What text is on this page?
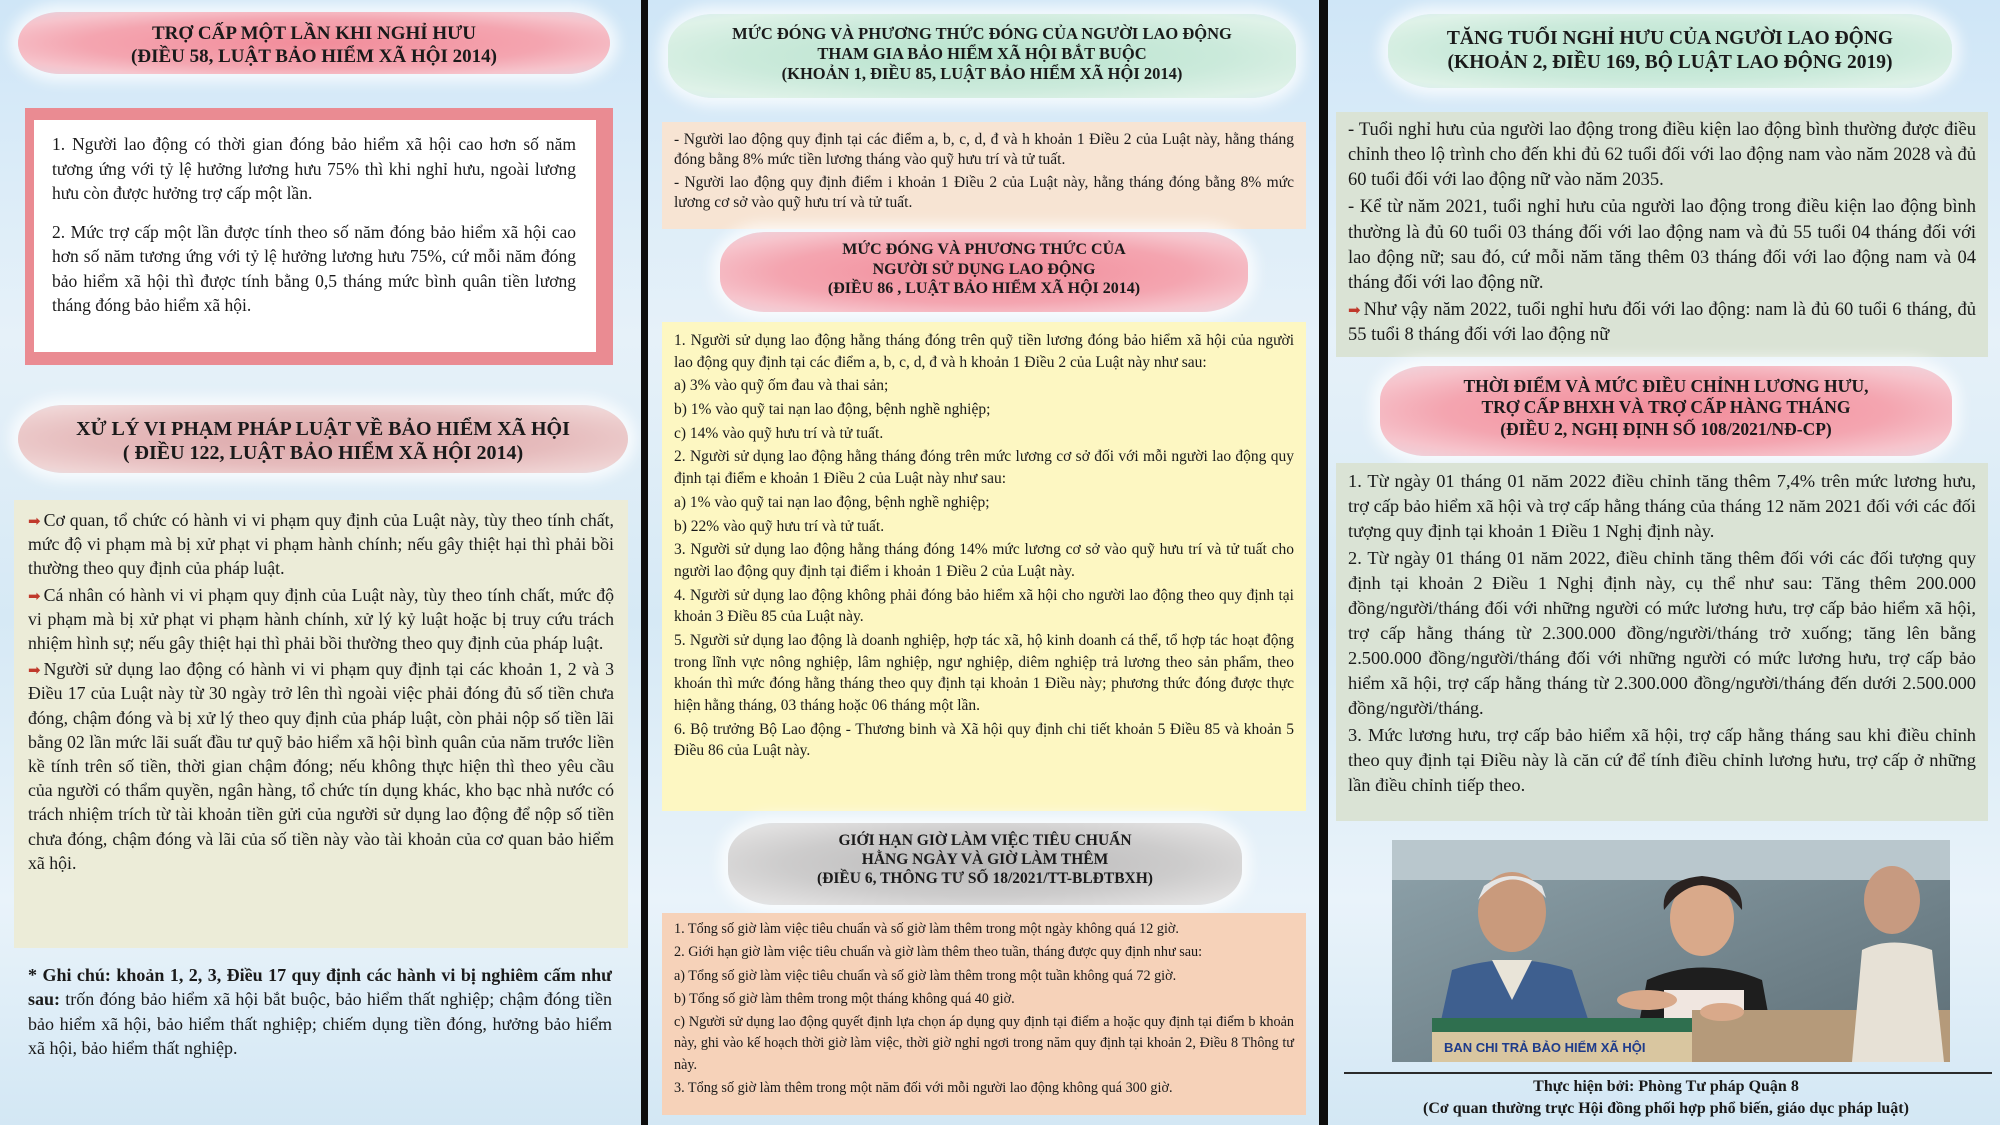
TRỢ CẤP MỘT LẦN KHI NGHỈ HƯU
(ĐIỀU 58, LUẬT BẢO HIỂM XÃ HỘI 2014)

1. Người lao động có thời gian đóng bảo hiểm xã hội cao hơn số năm tương ứng với tỷ lệ hưởng lương hưu 75% thì khi nghỉ hưu, ngoài lương hưu còn được hưởng trợ cấp một lần.

2. Mức trợ cấp một lần được tính theo số năm đóng bảo hiểm xã hội cao hơn số năm tương ứng với tỷ lệ hưởng lương hưu 75%, cứ mỗi năm đóng bảo hiểm xã hội thì được tính bằng 0,5 tháng mức bình quân tiền lương tháng đóng bảo hiểm xã hội.

XỬ LÝ VI PHẠM PHÁP LUẬT VỀ BẢO HIỂM XÃ HỘI
( ĐIỀU 122, LUẬT BẢO HIỂM XÃ HỘI 2014)

➡ Cơ quan, tổ chức có hành vi vi phạm quy định của Luật này, tùy theo tính chất, mức độ vi phạm mà bị xử phạt vi phạm hành chính; nếu gây thiệt hại thì phải bồi thường theo quy định của pháp luật.

➡ Cá nhân có hành vi vi phạm quy định của Luật này, tùy theo tính chất, mức độ vi phạm mà bị xử phạt vi phạm hành chính, xử lý kỷ luật hoặc bị truy cứu trách nhiệm hình sự; nếu gây thiệt hại thì phải bồi thường theo quy định của pháp luật.

➡ Người sử dụng lao động có hành vi vi phạm quy định tại các khoản 1, 2 và 3 Điều 17 của Luật này từ 30 ngày trở lên thì ngoài việc phải đóng đủ số tiền chưa đóng, chậm đóng và bị xử lý theo quy định của pháp luật, còn phải nộp số tiền lãi bằng 02 lần mức lãi suất đầu tư quỹ bảo hiểm xã hội bình quân của năm trước liền kề tính trên số tiền, thời gian chậm đóng; nếu không thực hiện thì theo yêu cầu của người có thẩm quyền, ngân hàng, tổ chức tín dụng khác, kho bạc nhà nước có trách nhiệm trích từ tài khoản tiền gửi của người sử dụng lao động để nộp số tiền chưa đóng, chậm đóng và lãi của số tiền này vào tài khoản của cơ quan bảo hiểm xã hội.

* Ghi chú: khoản 1, 2, 3, Điều 17 quy định các hành vi bị nghiêm cấm như sau: trốn đóng bảo hiểm xã hội bắt buộc, bảo hiểm thất nghiệp; chậm đóng tiền bảo hiểm xã hội, bảo hiểm thất nghiệp; chiếm dụng tiền đóng, hưởng bảo hiểm xã hội, bảo hiểm thất nghiệp.
MỨC ĐÓNG VÀ PHƯƠNG THỨC ĐÓNG CỦA NGƯỜI LAO ĐỘNG
THAM GIA BẢO HIỂM XÃ HỘI BẮT BUỘC
(KHOẢN 1, ĐIỀU 85, LUẬT BẢO HIỂM XÃ HỘI 2014)

- Người lao động quy định tại các điểm a, b, c, d, đ và h khoản 1 Điều 2 của Luật này, hằng tháng đóng bằng 8% mức tiền lương tháng vào quỹ hưu trí và tử tuất.

- Người lao động quy định điểm i khoản 1 Điều 2 của Luật này, hằng tháng đóng bằng 8% mức lương cơ sở vào quỹ hưu trí và tử tuất.

MỨC ĐÓNG VÀ PHƯƠNG THỨC CỦA
NGƯỜI SỬ DỤNG LAO ĐỘNG
(ĐIỀU 86 , LUẬT BẢO HIỂM XÃ HỘI 2014)

1. Người sử dụng lao động hằng tháng đóng trên quỹ tiền lương đóng bảo hiểm xã hội của người lao động quy định tại các điểm a, b, c, d, đ và h khoản 1 Điều 2 của Luật này như sau:

a) 3% vào quỹ ốm đau và thai sản;

b) 1% vào quỹ tai nạn lao động, bệnh nghề nghiệp;

c) 14% vào quỹ hưu trí và tử tuất.

2. Người sử dụng lao động hằng tháng đóng trên mức lương cơ sở đối với mỗi người lao động quy định tại điểm e khoản 1 Điều 2 của Luật này như sau:

a) 1% vào quỹ tai nạn lao động, bệnh nghề nghiệp;

b) 22% vào quỹ hưu trí và tử tuất.

3. Người sử dụng lao động hằng tháng đóng 14% mức lương cơ sở vào quỹ hưu trí và tử tuất cho người lao động quy định tại điểm i khoản 1 Điều 2 của Luật này.

4. Người sử dụng lao động không phải đóng bảo hiểm xã hội cho người lao động theo quy định tại khoản 3 Điều 85 của Luật này.

5. Người sử dụng lao động là doanh nghiệp, hợp tác xã, hộ kinh doanh cá thể, tổ hợp tác hoạt động trong lĩnh vực nông nghiệp, lâm nghiệp, ngư nghiệp, diêm nghiệp trả lương theo sản phẩm, theo khoán thì mức đóng hằng tháng theo quy định tại khoản 1 Điều này; phương thức đóng được thực hiện hằng tháng, 03 tháng hoặc 06 tháng một lần.

6. Bộ trưởng Bộ Lao động - Thương binh và Xã hội quy định chi tiết khoản 5 Điều 85 và khoản 5 Điều 86 của Luật này.

GIỚI HẠN GIỜ LÀM VIỆC TIÊU CHUẨN
HẰNG NGÀY VÀ GIỜ LÀM THÊM
(ĐIỀU 6, THÔNG TƯ SỐ 18/2021/TT-BLĐTBXH)

1. Tổng số giờ làm việc tiêu chuẩn và số giờ làm thêm trong một ngày không quá 12 giờ.

2. Giới hạn giờ làm việc tiêu chuẩn và giờ làm thêm theo tuần, tháng được quy định như sau:

a) Tổng số giờ làm việc tiêu chuẩn và số giờ làm thêm trong một tuần không quá 72 giờ.

b) Tổng số giờ làm thêm trong một tháng không quá 40 giờ.

c) Người sử dụng lao động quyết định lựa chọn áp dụng quy định tại điểm a hoặc quy định tại điểm b khoản này, ghi vào kế hoạch thời giờ làm việc, thời giờ nghỉ ngơi trong năm quy định tại khoản 2, Điều 8 Thông tư này.

3. Tổng số giờ làm thêm trong một năm đối với mỗi người lao động không quá 300 giờ.

TĂNG TUỔI NGHỈ HƯU CỦA NGƯỜI LAO ĐỘNG
(KHOẢN 2, ĐIỀU 169, BỘ LUẬT LAO ĐỘNG 2019)

- Tuổi nghỉ hưu của người lao động trong điều kiện lao động bình thường được điều chỉnh theo lộ trình cho đến khi đủ 62 tuổi đối với lao động nam vào năm 2028 và đủ 60 tuổi đối với lao động nữ vào năm 2035.

- Kể từ năm 2021, tuổi nghỉ hưu của người lao động trong điều kiện lao động bình thường là đủ 60 tuổi 03 tháng đối với lao động nam và đủ 55 tuổi 04 tháng đối với lao động nữ; sau đó, cứ mỗi năm tăng thêm 03 tháng đối với lao động nam và 04 tháng đối với lao động nữ.

➡ Như vậy năm 2022, tuổi nghỉ hưu đối với lao động: nam là đủ 60 tuổi 6 tháng, đủ 55 tuổi 8 tháng đối với lao động nữ

THỜI ĐIỂM VÀ MỨC ĐIỀU CHỈNH LƯƠNG HƯU,
TRỢ CẤP BHXH VÀ TRỢ CẤP HÀNG THÁNG
(ĐIỀU 2, NGHỊ ĐỊNH SỐ 108/2021/NĐ-CP)

1. Từ ngày 01 tháng 01 năm 2022 điều chỉnh tăng thêm 7,4% trên mức lương hưu, trợ cấp bảo hiểm xã hội và trợ cấp hằng tháng của tháng 12 năm 2021 đối với các đối tượng quy định tại khoản 1 Điều 1 Nghị định này.

2. Từ ngày 01 tháng 01 năm 2022, điều chỉnh tăng thêm đối với các đối tượng quy định tại khoản 2 Điều 1 Nghị định này, cụ thể như sau: Tăng thêm 200.000 đồng/người/tháng đối với những người có mức lương hưu, trợ cấp bảo hiểm xã hội, trợ cấp hằng tháng từ 2.300.000 đồng/người/tháng trở xuống; tăng lên bằng 2.500.000 đồng/người/tháng đối với những người có mức lương hưu, trợ cấp bảo hiểm xã hội, trợ cấp hằng tháng từ 2.300.000 đồng/người/tháng đến dưới 2.500.000 đồng/người/tháng.

3. Mức lương hưu, trợ cấp bảo hiểm xã hội, trợ cấp hằng tháng sau khi điều chỉnh theo quy định tại Điều này là căn cứ để tính điều chỉnh lương hưu, trợ cấp ở những lần điều chỉnh tiếp theo.

BAN CHI TRẢ BẢO HIỂM XÃ HỘI
Thực hiện bởi: Phòng Tư pháp Quận 8
(Cơ quan thường trực Hội đồng phối hợp phổ biến, giáo dục pháp luật)
